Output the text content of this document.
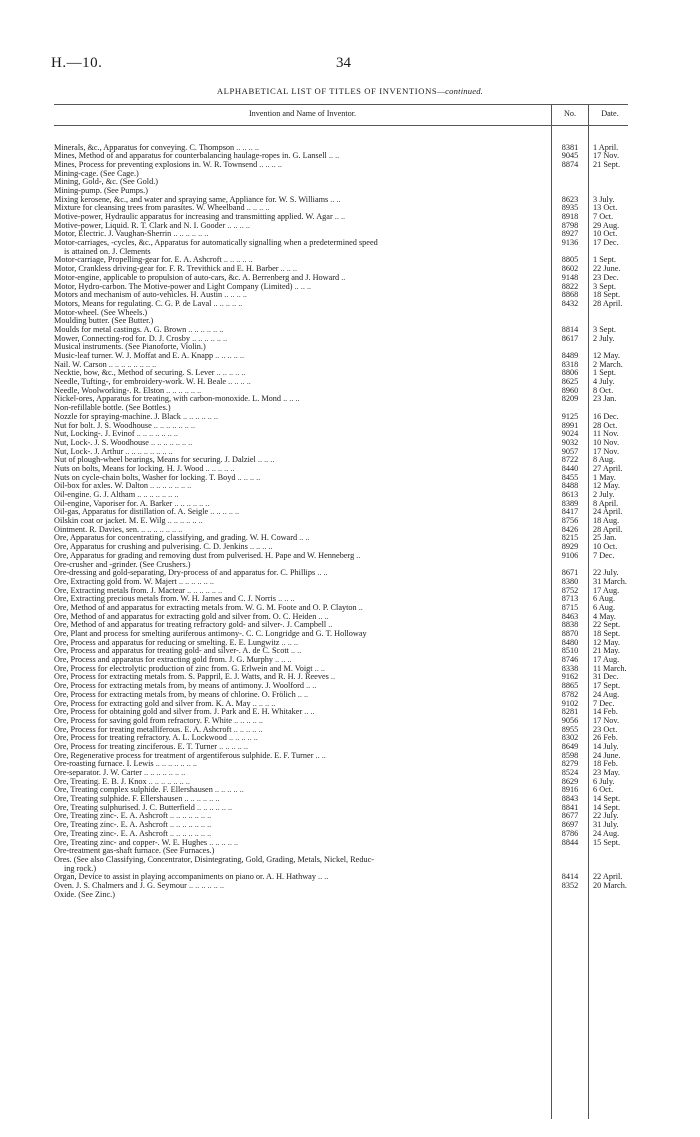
H.—10.	34
ALPHABETICAL LIST OF TITLES OF INVENTIONS—continued.
Invention and Name of Inventor.	No.	Date.
Minerals, &c., Apparatus for conveying. C. Thompson .. .. .. ..	8381	1 April.
Mines, Method of and apparatus for counterbalancing haulage-ropes in. G. Lansell .. ..	9045	17 Nov.
Mines, Process for preventing explosions in. W. R. Townsend .. .. .. ..	8874	21 Sept.
Mining-cage. (See Cage.)
Mining, Gold-, &c. (See Gold.)
Mining-pump. (See Pumps.)
Mixing kerosene, &c., and water and spraying same, Appliance for. W. S. Williams .. ..	8623	3 July.
Mixture for cleansing trees from parasites. W. Wheelband .. .. .. ..	8935	13 Oct.
Motive-power, Hydraulic apparatus for increasing and transmitting applied. W. Agar .. ..	8918	7 Oct.
Motive-power, Liquid. R. T. Clark and N. I. Gooder .. .. .. ..	8798	29 Aug.
Motor, Electric. J. Vaughan-Sherrin .. .. .. .. .. ..	8927	10 Oct.
Motor-carriages, -cycles, &c., Apparatus for automatically signalling when a predetermined speed	9136	17 Dec.
is attained on. J. Clements
Motor-carriage, Propelling-gear for. E. A. Ashcroft .. .. .. .. ..	8805	1 Sept.
Motor, Crankless driving-gear for. F. R. Trevithick and E. H. Barber .. .. ..	8602	22 June.
Motor-engine, applicable to propulsion of auto-cars, &c. A. Berrenberg and J. Howard ..	9148	23 Dec.
Motor, Hydro-carbon. The Motive-power and Light Company (Limited) .. .. ..	8822	3 Sept.
Motors and mechanism of auto-vehicles. H. Austin .. .. .. ..	8868	18 Sept.
Motors, Means for regulating. C. G. P. de Laval .. .. .. .. ..	8432	28 April.
Motor-wheel. (See Wheels.)
Moulding butter. (See Butter.)
Moulds for metal castings. A. G. Brown .. .. .. .. .. ..	8814	3 Sept.
Mower, Connecting-rod for. D. J. Crosby .. .. .. .. .. ..	8617	2 July.
Musical instruments. (See Pianoforte, Violin.)
Music-leaf turner. W. J. Moffat and E. A. Knapp .. .. .. .. ..	8489	12 May.
Nail. W. Carson .. .. .. .. .. .. .. ..	8318	2 March.
Necktie, bow, &c., Method of securing. S. Lever .. .. .. .. ..	8806	1 Sept.
Needle, Tufting-, for embroidery-work. W. H. Beale .. .. .. ..	8625	4 July.
Needle, Woolworking-. R. Elston .. .. .. .. .. ..	8960	8 Oct.
Nickel-ores, Apparatus for treating, with carbon-monoxide. L. Mond .. .. ..	8209	23 Jan.
Non-refillable bottle. (See Bottles.)
Nozzle for spraying-machine. J. Black .. .. .. .. .. ..	9125	16 Dec.
Nut for bolt. J. S. Woodhouse .. .. .. .. .. .. ..	8991	28 Oct.
Nut, Locking-. J. Evinof .. .. .. .. .. .. ..	9024	11 Nov.
Nut, Lock-. J. S. Woodhouse .. .. .. .. .. .. ..	9032	10 Nov.
Nut, Lock-. J. Arthur .. .. .. .. .. .. .. ..	9057	17 Nov.
Nut of plough-wheel bearings, Means for securing. J. Dalziel .. .. ..	8722	8 Aug.
Nuts on bolts, Means for locking. H. J. Wood .. .. .. .. ..	8440	27 April.
Nuts on cycle-chain bolts, Washer for locking. T. Boyd .. .. .. ..	8455	1 May.
Oil-box for axles. W. Dalton .. .. .. .. .. .. ..	8488	12 May.
Oil-engine. G. J. Altham .. .. .. .. .. .. ..	8613	2 July.
Oil-engine, Vaporiser for. A. Barker .. .. .. .. .. ..	8389	8 April.
Oil-gas, Apparatus for distillation of. A. Seigle .. .. .. .. ..	8417	24 April.
Oilskin coat or jacket. M. E. Wilg .. .. .. .. .. ..	8756	18 Aug.
Ointment. R. Davies, sen. .. .. .. .. .. .. ..	8426	28 April.
Ore, Apparatus for concentrating, classifying, and grading. W. H. Coward .. ..	8215	25 Jan.
Ore, Apparatus for crushing and pulverising. C. D. Jenkins .. .. .. ..	8929	10 Oct.
Ore, Apparatus for grading and removing dust from pulverised. H. Pape and W. Henneberg ..	9106	7 Dec.
Ore-crusher and -grinder. (See Crushers.)
Ore-dressing and gold-separating, Dry-process of and apparatus for. C. Phillips .. ..	8671	22 July.
Ore, Extracting gold from. W. Majert .. .. .. .. .. ..	8380	31 March.
Ore, Extracting metals from. J. Mactear .. .. .. .. .. ..	8752	17 Aug.
Ore, Extracting precious metals from. W. H. James and C. J. Norris .. .. ..	8713	6 Aug.
Ore, Method of and apparatus for extracting metals from. W. G. M. Foote and O. P. Clayton ..	8715	6 Aug.
Ore, Method of and apparatus for extracting gold and silver from. O. C. Heiden .. ..	8463	4 May.
Ore, Method of and apparatus for treating refractory gold- and silver-. J. Campbell ..	8838	22 Sept.
Ore, Plant and process for smelting auriferous antimony-. C. C. Longridge and G. T. Holloway	8870	18 Sept.
Ore, Process and apparatus for reducing or smelting. E. E. Lungwitz .. .. ..	8480	12 May.
Ore, Process and apparatus for treating gold- and silver-. A. de C. Scott .. ..	8510	21 May.
Ore, Process and apparatus for extracting gold from. J. G. Murphy .. .. ..	8746	17 Aug.
Ore, Process for electrolytic production of zinc from. G. Erlwein and M. Voigt .. ..	8338	11 March.
Ore, Process for extracting metals from. S. Pappril, E. J. Watts, and R. H. J. Reeves ..	9162	31 Dec.
Ore, Process for extracting metals from, by means of antimony. J. Woolford .. ..	8865	17 Sept.
Ore, Process for extracting metals from, by means of chlorine. O. Frölich .. ..	8782	24 Aug.
Ore, Process for extracting gold and silver from. K. A. May .. .. .. ..	9102	7 Dec.
Ore, Process for obtaining gold and silver from. J. Park and E. H. Whitaker .. ..	8281	14 Feb.
Ore, Process for saving gold from refractory. F. White .. .. .. .. ..	9056	17 Nov.
Ore, Process for treating metalliferous. E. A. Ashcroft .. .. .. .. ..	8955	23 Oct.
Ore, Process for treating refractory. A. L. Lockwood .. .. .. .. ..	8302	26 Feb.
Ore, Process for treating zinciferous. E. T. Turner .. .. .. .. ..	8649	14 July.
Ore, Regenerative process for treatment of argentiferous sulphide. E. F. Turner .. ..	8598	24 June.
Ore-roasting furnace. I. Lewis .. .. .. .. .. .. ..	8279	18 Feb.
Ore-separator. J. W. Carter .. .. .. .. .. .. ..	8524	23 May.
Ore, Treating. E. B. J. Knox .. .. .. .. .. .. ..	8629	6 July.
Ore, Treating complex sulphide. F. Ellershausen .. .. .. .. ..	8916	6 Oct.
Ore, Treating sulphide. F. Ellershausen .. .. .. .. .. ..	8843	14 Sept.
Ore, Treating sulphurised. J. C. Butterfield .. .. .. .. .. ..	8841	14 Sept.
Ore, Treating zinc-. E. A. Ashcroft .. .. .. .. .. .. ..	8677	22 July.
Ore, Treating zinc-. E. A. Ashcroft .. .. .. .. .. .. ..	8697	31 July.
Ore, Treating zinc-. E. A. Ashcroft .. .. .. .. .. .. ..	8786	24 Aug.
Ore, Treating zinc- and copper-. W. E. Hughes .. .. .. .. ..	8844	15 Sept.
Ore-treatment gas-shaft furnace. (See Furnaces.)
Ores. (See also Classifying, Concentrator, Disintegrating, Gold, Grading, Metals, Nickel, Reduc-
ing rock.)
Organ, Device to assist in playing accompaniments on piano or. A. H. Hathway .. ..	8414	22 April.
Oven. J. S. Chalmers and J. G. Seymour .. .. .. .. .. ..	8352	20 March.
Oxide. (See Zinc.)
